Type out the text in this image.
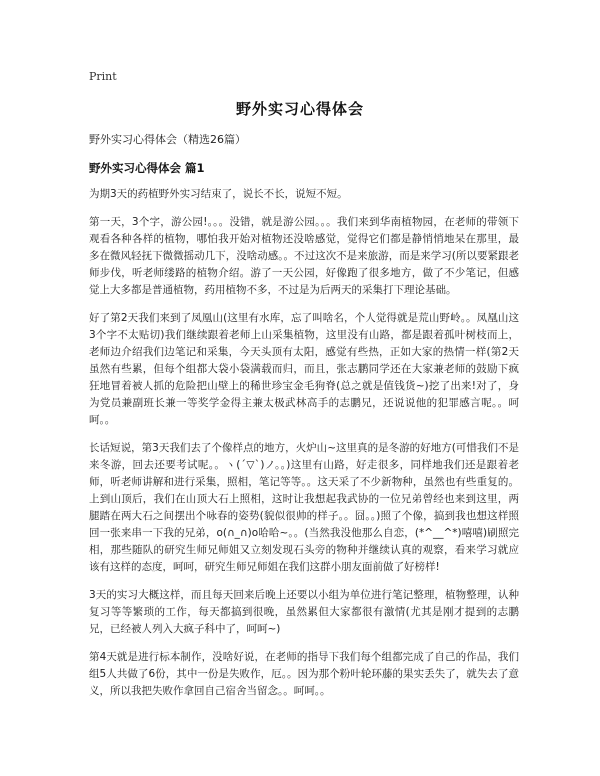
Print
野外实习心得体会
野外实习心得体会（精选26篇）
野外实习心得体会 篇1

为期3天的药植野外实习结束了，说长不长，说短不短。

第一天，3个字，游公园!。。。没错，就是游公园。。。我们来到华南植物园，在老师的带领下观看各种各样的植物，哪怕我开始对植物还没啥感觉，觉得它们都是静悄悄地呆在那里，最多在微风轻抚下微微摇动几下，没啥动感。。不过这次不是来旅游，而是来学习(所以要紧跟老师步伐，听老师缕路的植物介绍。游了一天公园，好像跑了很多地方，做了不少笔记，但感觉上大多都是普通植物，药用植物不多，不过是为后两天的采集打下理论基础。

好了第2天我们来到了凤凰山(这里有水库，忘了叫啥名，个人觉得就是荒山野岭。。凤凰山这3个字不太贴切)我们继续跟着老师上山采集植物，这里没有山路，都是跟着孤叶树枝而上，老师边介绍我们边笔记和采集，今天头顶有太阳，感觉有些热，正如大家的热情一样(第2天虽然有些累，但每个组都大袋小袋满载而归，而且，张志鹏同学还在大家兼老师的鼓励下疯狂地冒着被人抓的危险把山壁上的稀世珍宝金毛狗脊(总之就是值钱货~)挖了出来!对了，身为党员兼副班长兼一等奖学金得主兼太极武林高手的志鹏兄，还说说他的犯罪感言呢。。呵呵。。

长话短说，第3天我们去了个像样点的地方，火炉山~这里真的是冬游的好地方(可惜我们不是来冬游，回去还要考试呢。。ヽ(ˊ▽ˋ)ノ。。)这里有山路，好走很多，同样地我们还是跟着老师，听老师讲解和进行采集，照相，笔记等等。。这天采了不少新物种，虽然也有些重复的。上到山顶后，我们在山顶大石上照相，这时让我想起我武协的一位兄弟曾经也来到这里，两腿踏在两大石之间摆出个咏春的姿势(貌似很帅的样子。。囧。。)照了个像，搞到我也想这样照回一张来串一下我的兄弟，o(∩_∩)o哈哈~。。(当然我没他那么自恋，(*^__^*)嘻嘻)刷照完相，那些随队的研究生师兄师姐又立刻发现石头旁的物种并继续认真的观察，看来学习就应该有这样的态度，呵呵，研究生师兄师姐在我们这群小朋友面前做了好榜样!

3天的实习大概这样，而且每天回来后晚上还要以小组为单位进行笔记整理，植物整理，认种复习等等繁琐的工作，每天都搞到很晚，虽然累但大家都很有激情(尤其是刚才提到的志鹏兄，已经被人列入大疯子科中了，呵呵~)

第4天就是进行标本制作，没啥好说，在老师的指导下我们每个组都完成了自己的作品，我们组5人共做了6份，其中一份是失败作，厄。。因为那个粉叶轮环藤的果实丢失了，就失去了意义，所以我把失败作拿回自己宿舍当留念。。呵呵。。
